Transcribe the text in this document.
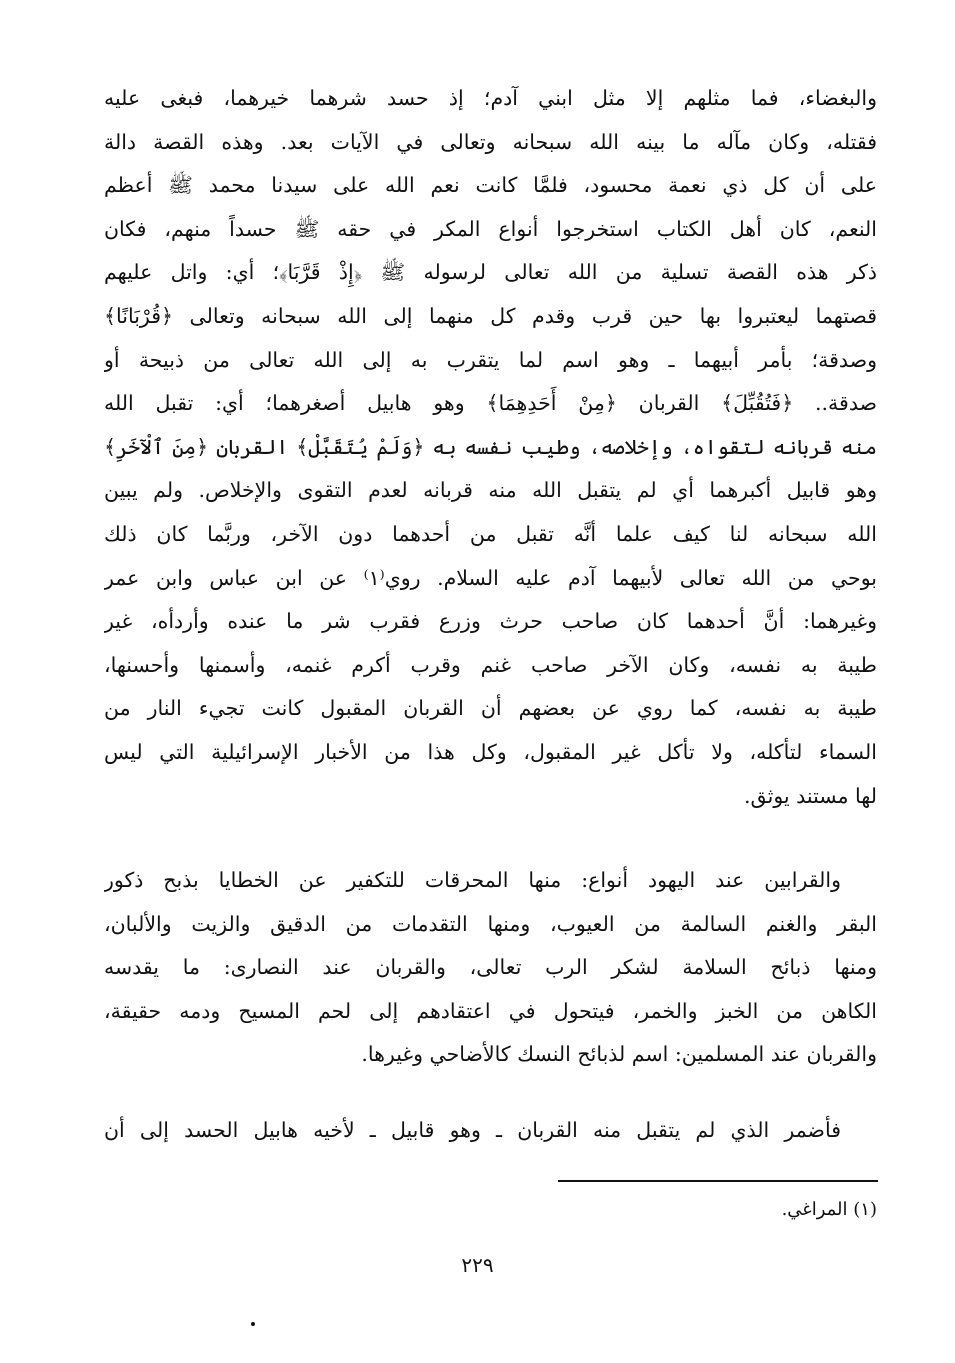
والبغضاء، فما مثلهم إلا مثل ابني آدم؛ إذ حسد شرهما خيرهما، فبغى عليه
فقتله، وكان مآله ما بينه الله سبحانه وتعالى في الآيات بعد. وهذه القصة دالة
على أن كل ذي نعمة محسود، فلمَّا كانت نعم الله على سيدنا محمد ﷺ أعظم
النعم، كان أهل الكتاب استخرجوا أنواع المكر في حقه ﷺ حسداً منهم، فكان
ذكر هذه القصة تسلية من الله تعالى لرسوله ﷺ ﴿إِذْ قَرَّبَا﴾؛ أي: واتل عليهم
قصتهما ليعتبروا بها حين قرب وقدم كل منهما إلى الله سبحانه وتعالى ﴿قُرْبَانًا﴾
وصدقة؛ بأمر أبيهما ـ وهو اسم لما يتقرب به إلى الله تعالى من ذبيحة أو
صدقة.. ﴿فَتُقُبِّلَ﴾ القربان ﴿مِنْ أَحَدِهِمَا﴾ وهو هابيل أصغرهما؛ أي: تقبل الله
منه قربانه لتقواه، وإخلاصه، وطيب نفسه به ﴿وَلَمْ يُتَقَبَّلْ﴾ القربان ﴿مِنَ ٱلْآخَرِ﴾
وهو قابيل أكبرهما أي لم يتقبل الله منه قربانه لعدم التقوى والإخلاص. ولم يبين
الله سبحانه لنا كيف علما أنَّه تقبل من أحدهما دون الآخر، وربَّما كان ذلك
بوحي من الله تعالى لأبيهما آدم عليه السلام. روي⁽١⁾ عن ابن عباس وابن عمر
وغيرهما: أنَّ أحدهما كان صاحب حرث وزرع فقرب شر ما عنده وأردأه، غير
طيبة به نفسه، وكان الآخر صاحب غنم وقرب أكرم غنمه، وأسمنها وأحسنها،
طيبة به نفسه، كما روي عن بعضهم أن القربان المقبول كانت تجيء النار من
السماء لتأكله، ولا تأكل غير المقبول، وكل هذا من الأخبار الإسرائيلية التي ليس
لها مستند يوثق.
والقرابين عند اليهود أنواع: منها المحرقات للتكفير عن الخطايا بذبح ذكور
البقر والغنم السالمة من العيوب، ومنها التقدمات من الدقيق والزيت والألبان،
ومنها ذبائح السلامة لشكر الرب تعالى، والقربان عند النصارى: ما يقدسه
الكاهن من الخبز والخمر، فيتحول في اعتقادهم إلى لحم المسيح ودمه حقيقة،
والقربان عند المسلمين: اسم لذبائح النسك كالأضاحي وغيرها.
فأضمر الذي لم يتقبل منه القربان ـ وهو قابيل ـ لأخيه هابيل الحسد إلى أن
(١) المراغي.
٢٢٩
